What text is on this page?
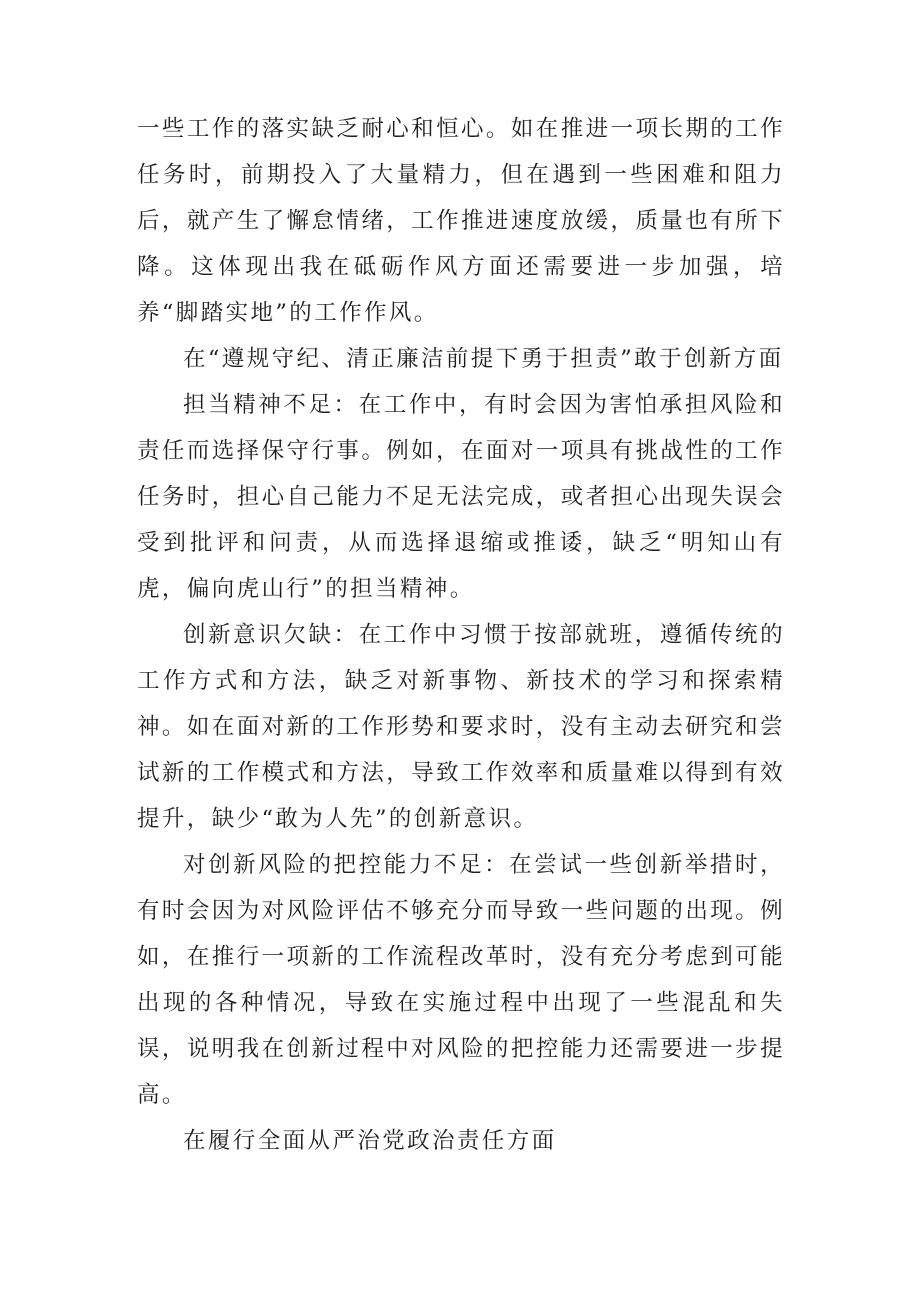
一些工作的落实缺乏耐心和恒心。如在推进一项长期的工作任务时，前期投入了大量精力，但在遇到一些困难和阻力后，就产生了懈怠情绪，工作推进速度放缓，质量也有所下降。这体现出我在砥砺作风方面还需要进一步加强，培养“脚踏实地”的工作作风。

在“遵规守纪、清正廉洁前提下勇于担责”敢于创新方面

担当精神不足：在工作中，有时会因为害怕承担风险和责任而选择保守行事。例如，在面对一项具有挑战性的工作任务时，担心自己能力不足无法完成，或者担心出现失误会受到批评和问责，从而选择退缩或推诿，缺乏“明知山有虎，偏向虎山行”的担当精神。

创新意识欠缺：在工作中习惯于按部就班，遵循传统的工作方式和方法，缺乏对新事物、新技术的学习和探索精神。如在面对新的工作形势和要求时，没有主动去研究和尝试新的工作模式和方法，导致工作效率和质量难以得到有效提升，缺少“敢为人先”的创新意识。

对创新风险的把控能力不足：在尝试一些创新举措时，有时会因为对风险评估不够充分而导致一些问题的出现。例如，在推行一项新的工作流程改革时，没有充分考虑到可能出现的各种情况，导致在实施过程中出现了一些混乱和失误，说明我在创新过程中对风险的把控能力还需要进一步提高。

在履行全面从严治党政治责任方面
